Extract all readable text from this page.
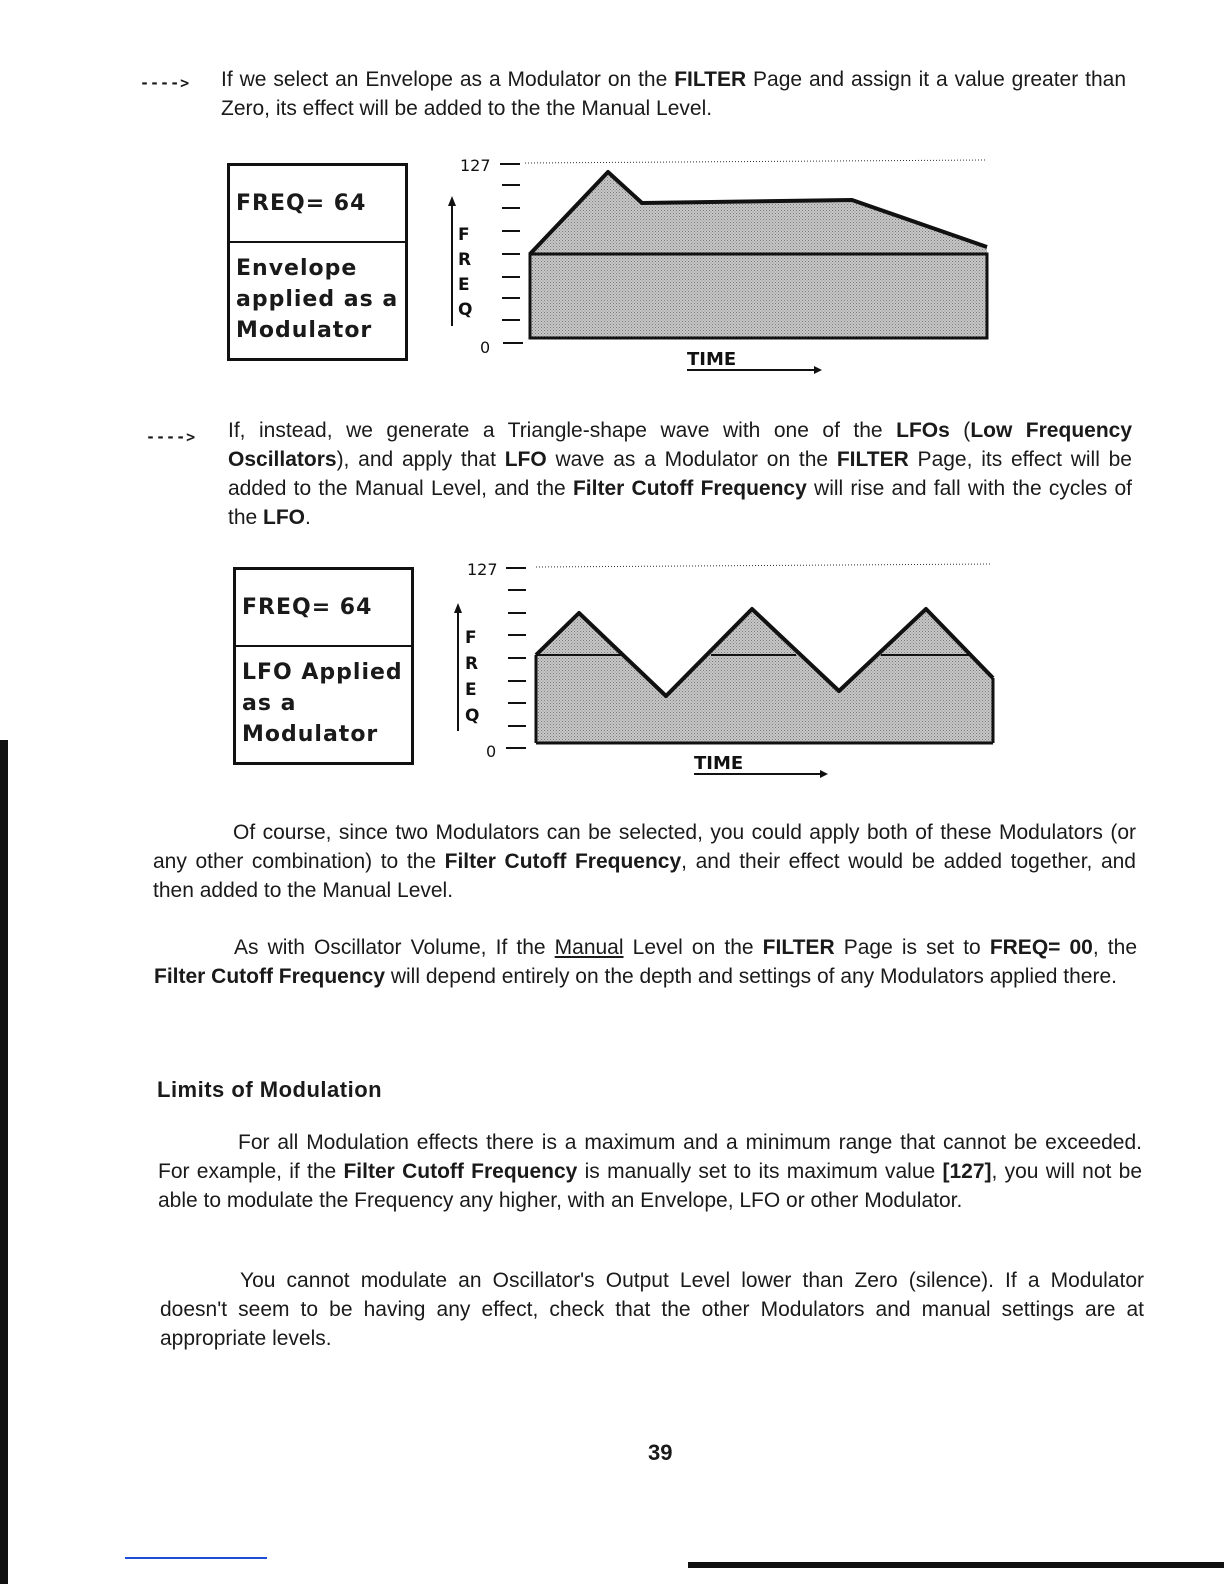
----> If we select an Envelope as a Modulator on the FILTER Page and assign it a value greater than Zero, its effect will be added to the the Manual Level.

FREQ= 64
Envelope applied as a Modulator
127
0
F
R
E
Q
TIME
----> If, instead, we generate a Triangle-shape wave with one of the LFOs (Low Frequency Oscillators), and apply that LFO wave as a Modulator on the FILTER Page, its effect will be added to the Manual Level, and the Filter Cutoff Frequency will rise and fall with the cycles of the LFO.

FREQ= 64
LFO Applied as a Modulator
127
0
F
R
E
Q
TIME

Of course, since two Modulators can be selected, you could apply both of these Modulators (or any other combination) to the Filter Cutoff Frequency, and their effect would be added together, and then added to the Manual Level.

As with Oscillator Volume, If the Manual Level on the FILTER Page is set to FREQ= 00, the Filter Cutoff Frequency will depend entirely on the depth and settings of any Modulators applied there.

Limits of Modulation

For all Modulation effects there is a maximum and a minimum range that cannot be exceeded. For example, if the Filter Cutoff Frequency is manually set to its maximum value [127], you will not be able to modulate the Frequency any higher, with an Envelope, LFO or other Modulator.

You cannot modulate an Oscillator's Output Level lower than Zero (silence). If a Modulator doesn't seem to be having any effect, check that the other Modulators and manual settings are at appropriate levels.

39
